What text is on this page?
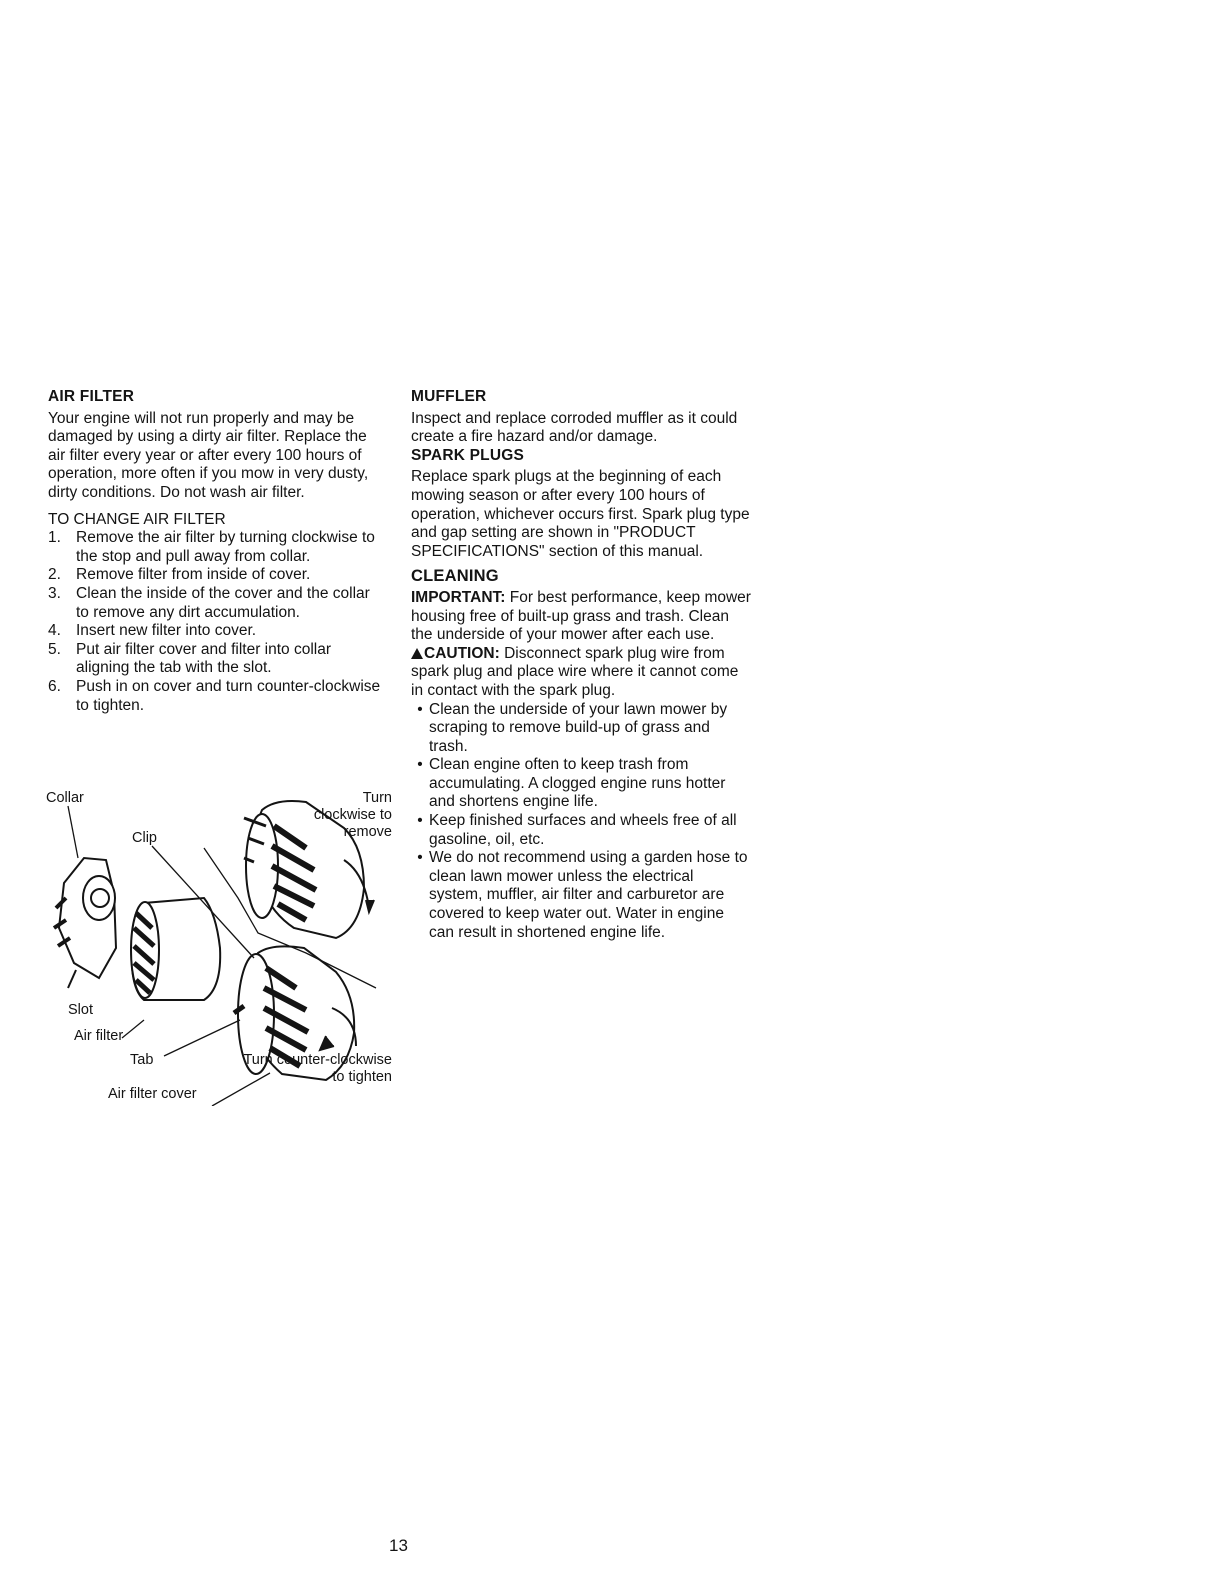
AIR FILTER

Your engine will not run properly and may be damaged by using a dirty air filter. Replace the air filter every year or after every 100 hours of operation, more often if you mow in very dusty, dirty conditions. Do not wash air filter.

TO CHANGE AIR FILTER

1. Remove the air filter by turning clockwise to the stop and pull away from collar.
2. Remove filter from inside of cover.
3. Clean the inside of the cover and the collar to remove any dirt accumulation.
4. Insert new filter into cover.
5. Put air filter cover and filter into collar aligning the tab with the slot.
6. Push in on cover and turn counter-clockwise to tighten.
Collar
Clip
Turn clockwise to remove
Slot
Air filter
Tab
Air filter cover
Turn counter-clockwise to tighten
MUFFLER

Inspect and replace corroded muffler as it could create a fire hazard and/or damage.

SPARK PLUGS

Replace spark plugs at the beginning of each mowing season or after every 100 hours of operation, whichever occurs first. Spark plug type and gap setting are shown in "PRODUCT SPECIFICATIONS" section of this manual.

CLEANING

IMPORTANT: For best performance, keep mower housing free of built-up grass and trash. Clean the underside of your mower after each use.

CAUTION: Disconnect spark plug wire from spark plug and place wire where it cannot come in contact with the spark plug.

• Clean the underside of your lawn mower by scraping to remove build-up of grass and trash.
• Clean engine often to keep trash from accumulating. A clogged engine runs hotter and shortens engine life.
• Keep finished surfaces and wheels free of all gasoline, oil, etc.
• We do not recommend using a garden hose to clean lawn mower unless the electrical system, muffler, air filter and carburetor are covered to keep water out. Water in engine can result in shortened engine life.
13
